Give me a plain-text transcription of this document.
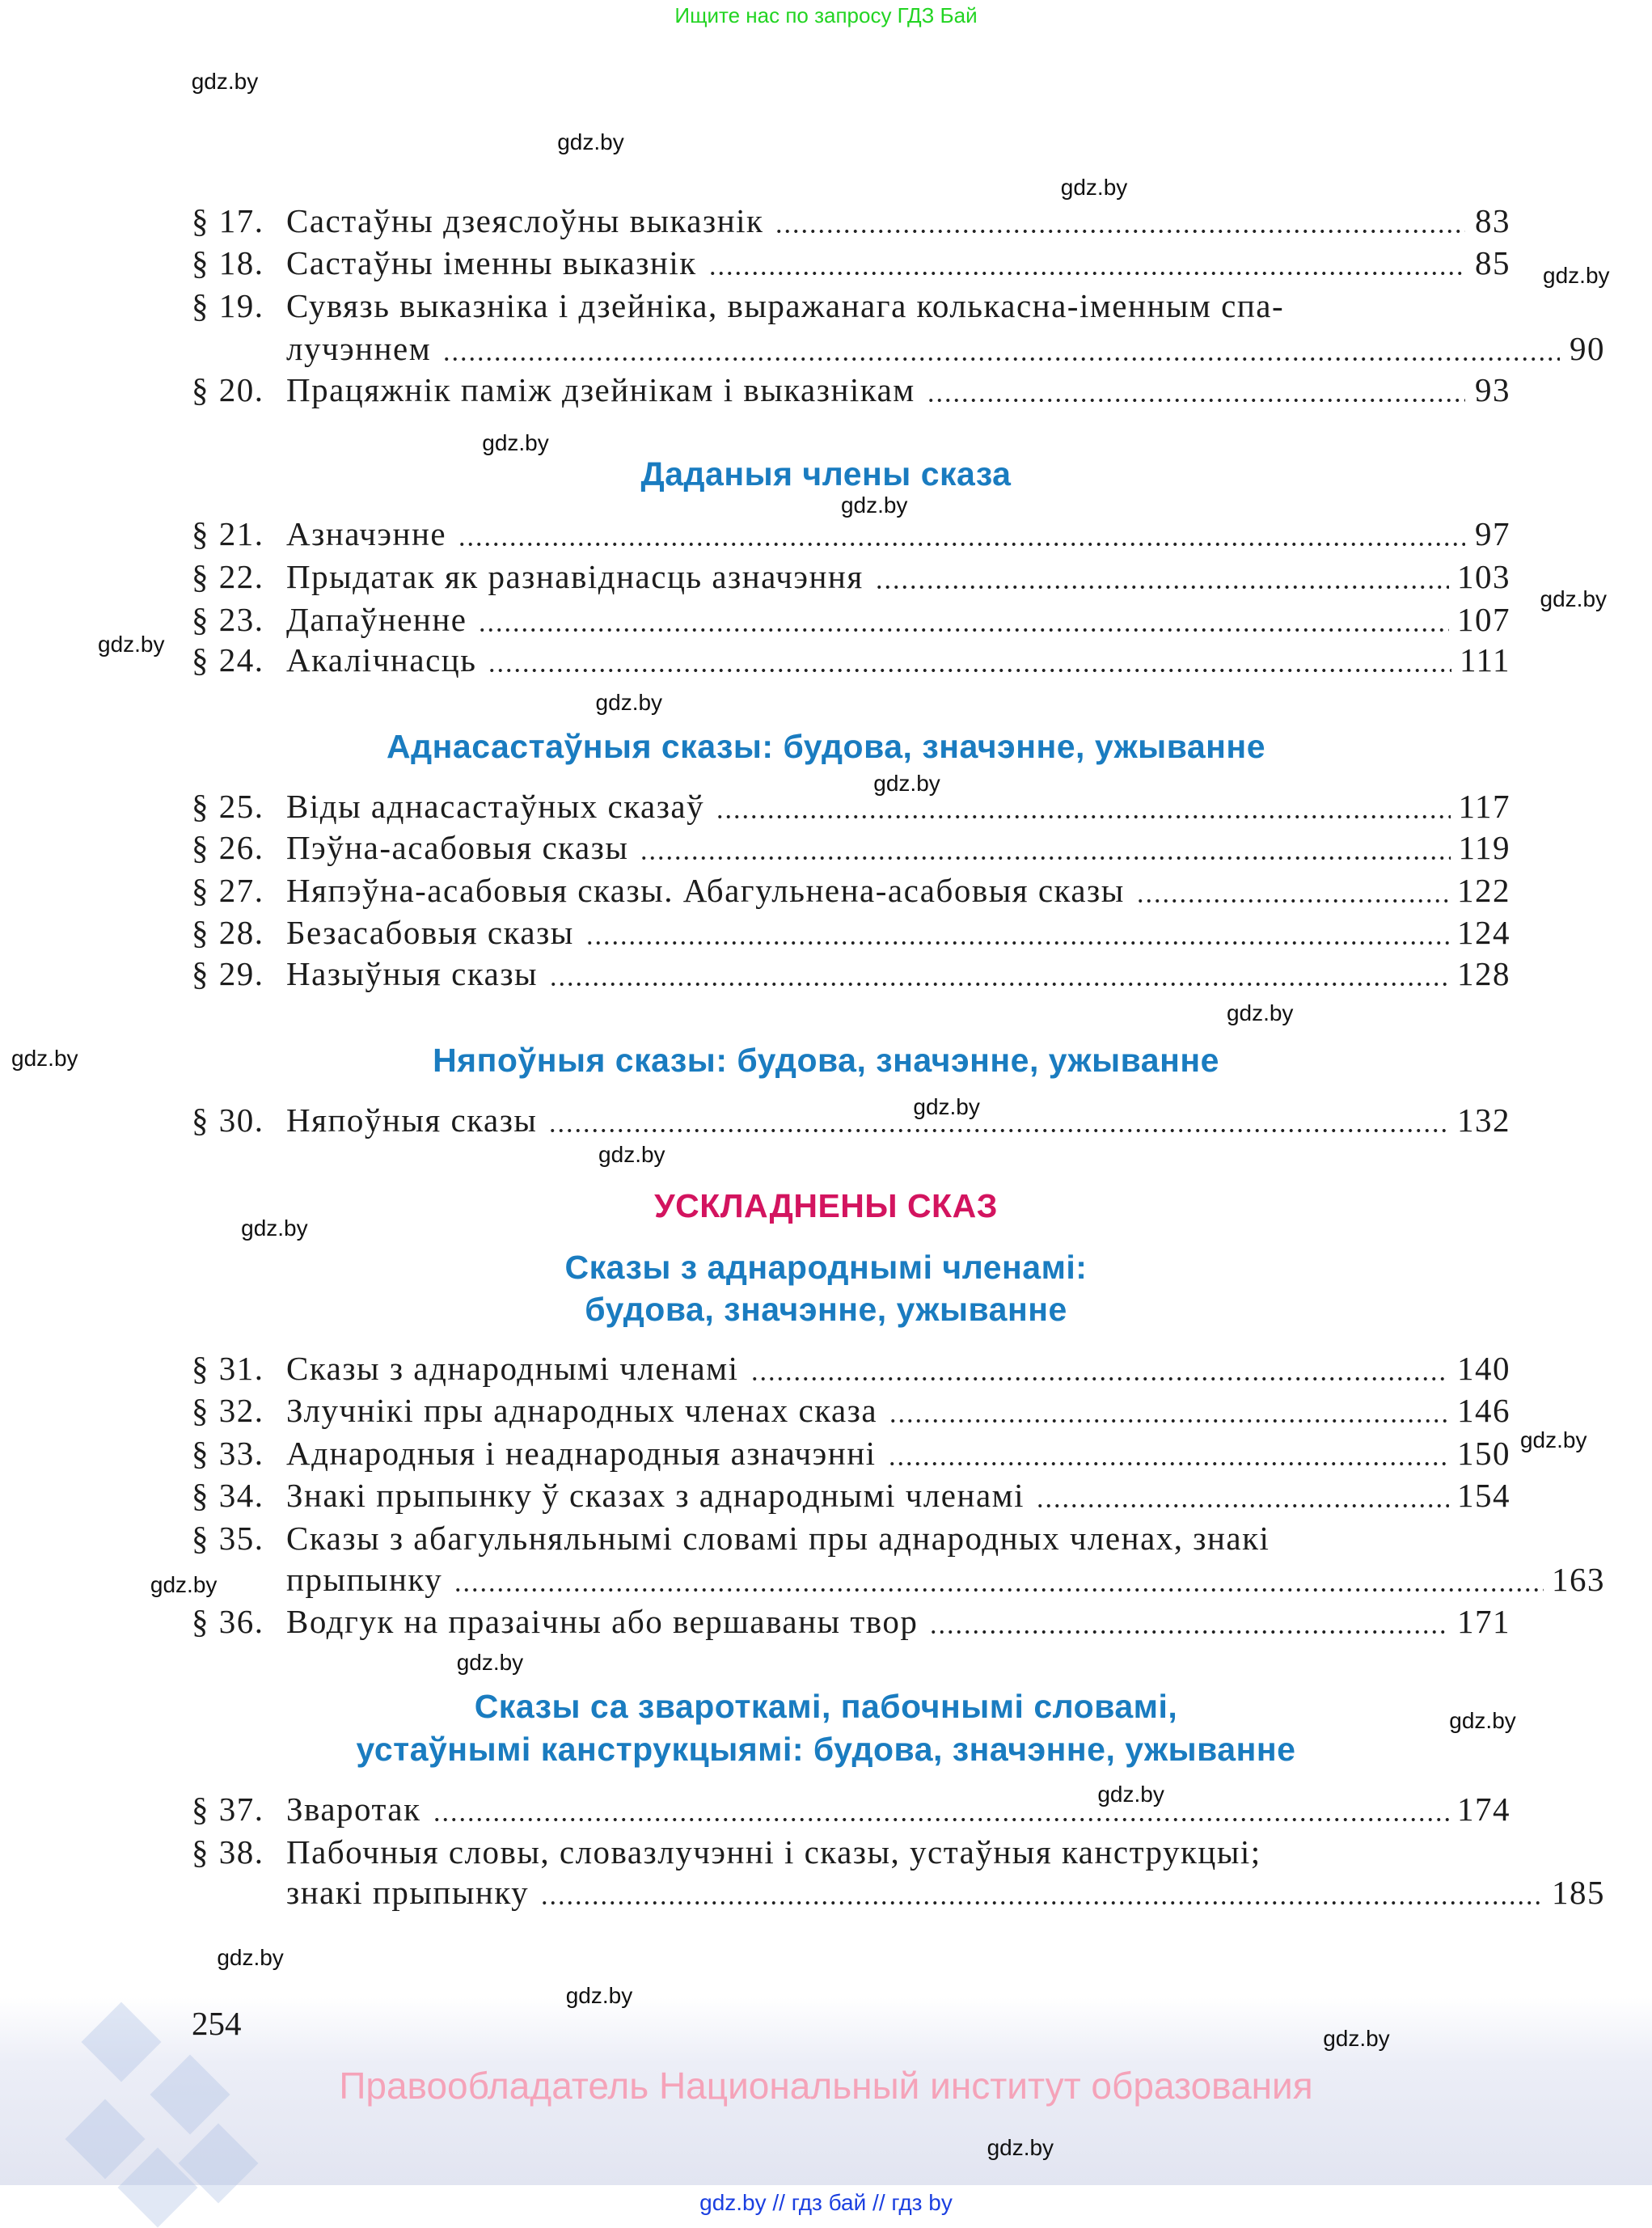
Ищите нас по запросу ГДЗ Бай
§ 17. Састаўны дзеяслоўны выказнік	83
§ 18. Састаўны іменны выказнік	85
§ 19. Сувязь выказніка і дзейніка, выражанага колькасна-іменным спа-
лучэннем	90
§ 20. Працяжнік паміж дзейнікам і выказнікам	93
Даданыя члены сказа
§ 21. Азначэнне	97
§ 22. Прыдатак як разнавіднасць азначэння	103
§ 23. Дапаўненне	107
§ 24. Акалічнасць	111
Аднасастаўныя сказы: будова, значэнне, ужыванне
§ 25. Віды аднасастаўных сказаў	117
§ 26. Пэўна-асабовыя сказы	119
§ 27. Няпэўна-асабовыя сказы. Абагульнена-асабовыя сказы	122
§ 28. Безасабовыя сказы	124
§ 29. Назыўныя сказы	128
Няпоўныя сказы: будова, значэнне, ужыванне
§ 30. Няпоўныя сказы	132
УСКЛАДНЕНЫ СКАЗ
Сказы з аднароднымі членамі:
будова, значэнне, ужыванне
§ 31. Сказы з аднароднымі членамі	140
§ 32. Злучнікі пры аднародных членах сказа	146
§ 33. Аднародныя і неаднародныя азначэнні	150
§ 34. Знакі прыпынку ў сказах з аднароднымі членамі	154
§ 35. Сказы з абагульняльнымі словамі пры аднародных членах, знакі
прыпынку	163
§ 36. Водгук на празаічны або вершаваны твор	171
Сказы са звароткамі, пабочнымі словамі,
устаўнымі канструкцыямі: будова, значэнне, ужыванне
§ 37. Зваротак	174
§ 38. Пабочныя словы, словазлучэнні і сказы, устаўныя канструкцыі;
знакі прыпынку	185
gdz.by
gdz.by
gdz.by
gdz.by
gdz.by
gdz.by
gdz.by
gdz.by
gdz.by
gdz.by
gdz.by
gdz.by
gdz.by
gdz.by
gdz.by
gdz.by
gdz.by
gdz.by
gdz.by
gdz.by
gdz.by
gdz.by
gdz.by
gdz.by
254
Правообладатель Национальный институт образования
gdz.by // гдз бай // гдз by
